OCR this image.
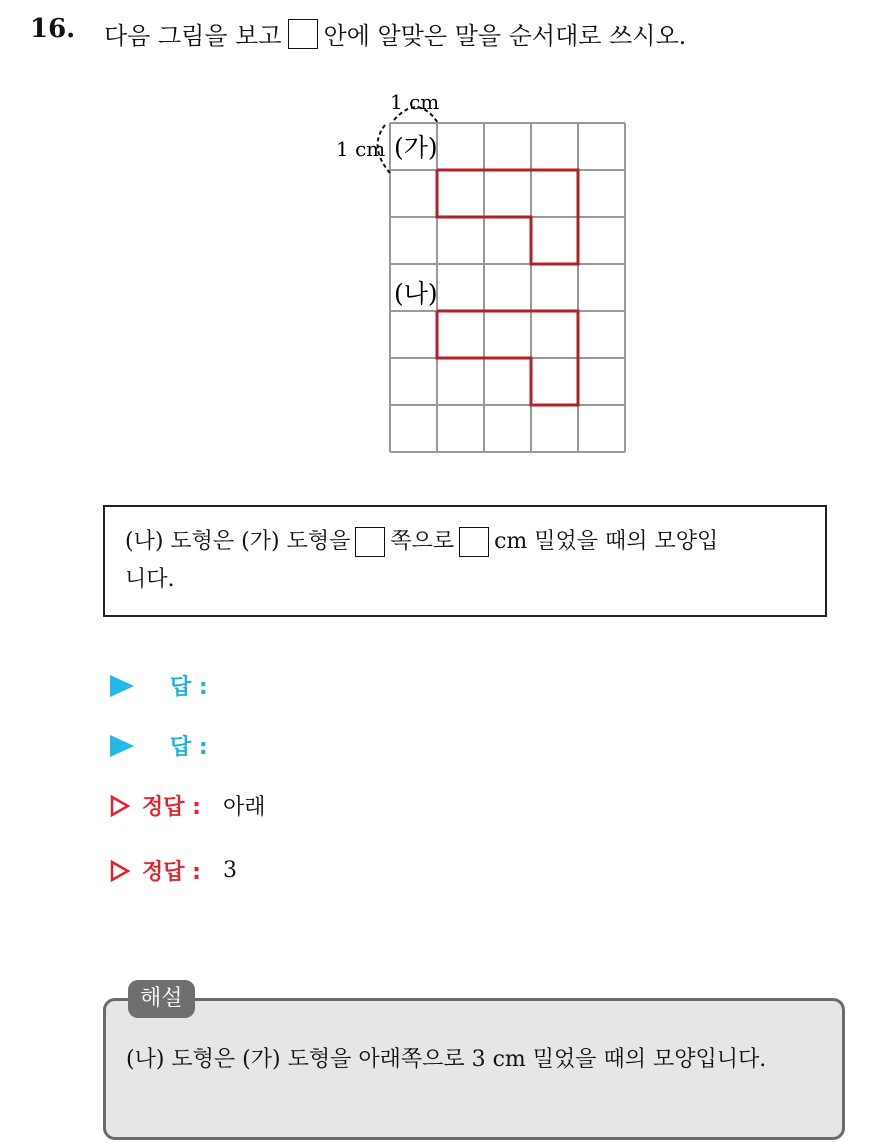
16. 다음 그림을 보고 안에 알맞은 말을 순서대로 쓰시오.
1 cm
1 cm (가)
(나)
(나) 도형은 (가) 도형을 쪽으로 cm 밀었을 때의 모양입
니다.
답 :
답 :
정답 : 아래
정답 : 3
(나) 도형은 (가) 도형을 아래쪽으로 3 cm 밀었을 때의 모양입니다.
해설
